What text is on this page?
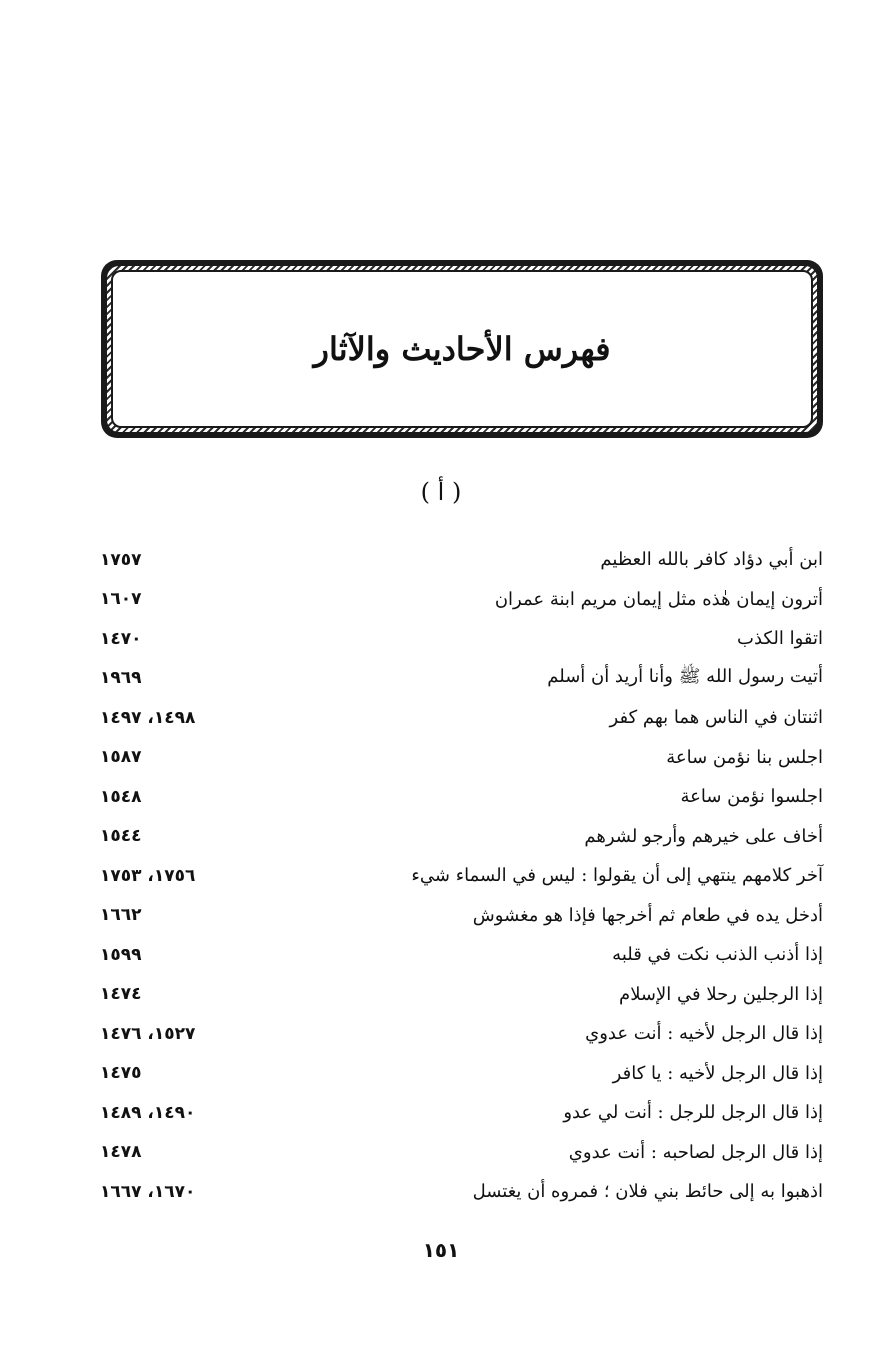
فهرس الأحاديث والآثار
( أ )
١٧٥٧	ابن أبي دؤاد كافر بالله العظيم
١٦٠٧	أترون إيمان هٰذه مثل إيمان مريم ابنة عمران
١٤٧٠	اتقوا الكذب
١٩٦٩	أتيت رسول الله ﷺ وأنا أريد أن أسلم
١٤٩٨، ١٤٩٧	اثنتان في الناس هما بهم كفر
١٥٨٧	اجلس بنا نؤمن ساعة
١٥٤٨	اجلسوا نؤمن ساعة
١٥٤٤	أخاف على خيرهم وأرجو لشرهم
١٧٥٦، ١٧٥٣	آخر كلامهم ينتهي إلى أن يقولوا : ليس في السماء شيء
١٦٦٢	أدخل يده في طعام ثم أخرجها فإذا هو مغشوش
١٥٩٩	إذا أذنب الذنب نكت في قلبه
١٤٧٤	إذا الرجلين رحلا في الإسلام
١٥٢٧، ١٤٧٦	إذا قال الرجل لأخيه : أنت عدوي
١٤٧٥	إذا قال الرجل لأخيه : يا كافر
١٤٩٠، ١٤٨٩	إذا قال الرجل للرجل : أنت لي عدو
١٤٧٨	إذا قال الرجل لصاحبه : أنت عدوي
١٦٧٠، ١٦٦٧	اذهبوا به إلى حائط بني فلان ؛ فمروه أن يغتسل
١٥١
